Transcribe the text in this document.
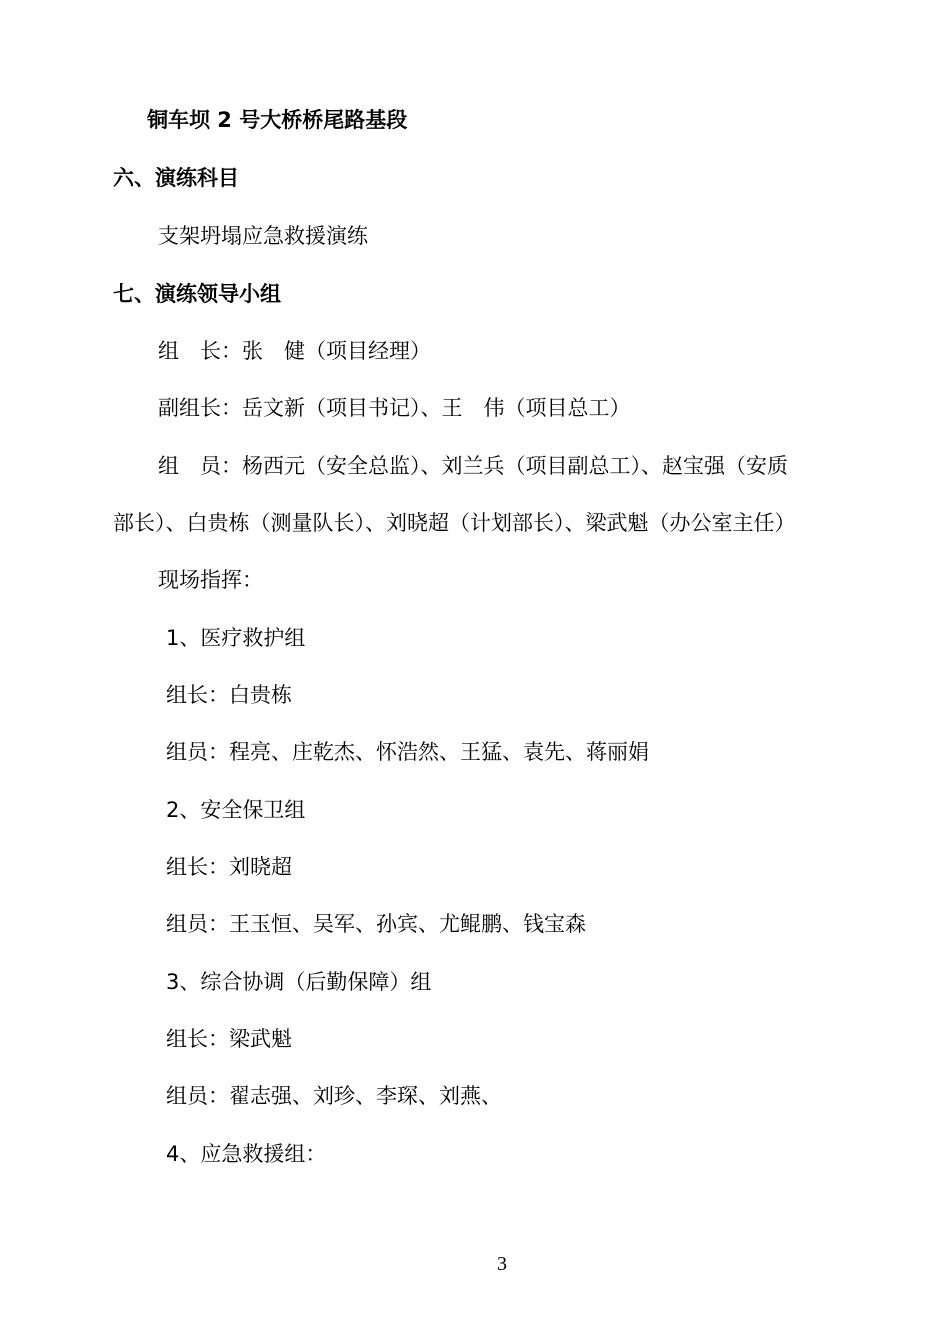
铜车坝 2 号大桥桥尾路基段
六、演练科目
支架坍塌应急救援演练
七、演练领导小组
组　长：张　健（项目经理）
副组长：岳文新（项目书记）、王　伟（项目总工）
组　员：杨西元（安全总监）、刘兰兵（项目副总工）、赵宝强（安质
部长）、白贵栋（测量队长）、刘晓超（计划部长）、梁武魁（办公室主任）
现场指挥：
1、医疗救护组
组长：白贵栋
组员：程亮、庄乾杰、怀浩然、王猛、袁先、蒋丽娟
2、安全保卫组
组长：刘晓超
组员：王玉恒、吴军、孙宾、尤鲲鹏、钱宝森
3、综合协调（后勤保障）组
组长：梁武魁
组员：翟志强、刘珍、李琛、刘燕、
4、应急救援组：
3
